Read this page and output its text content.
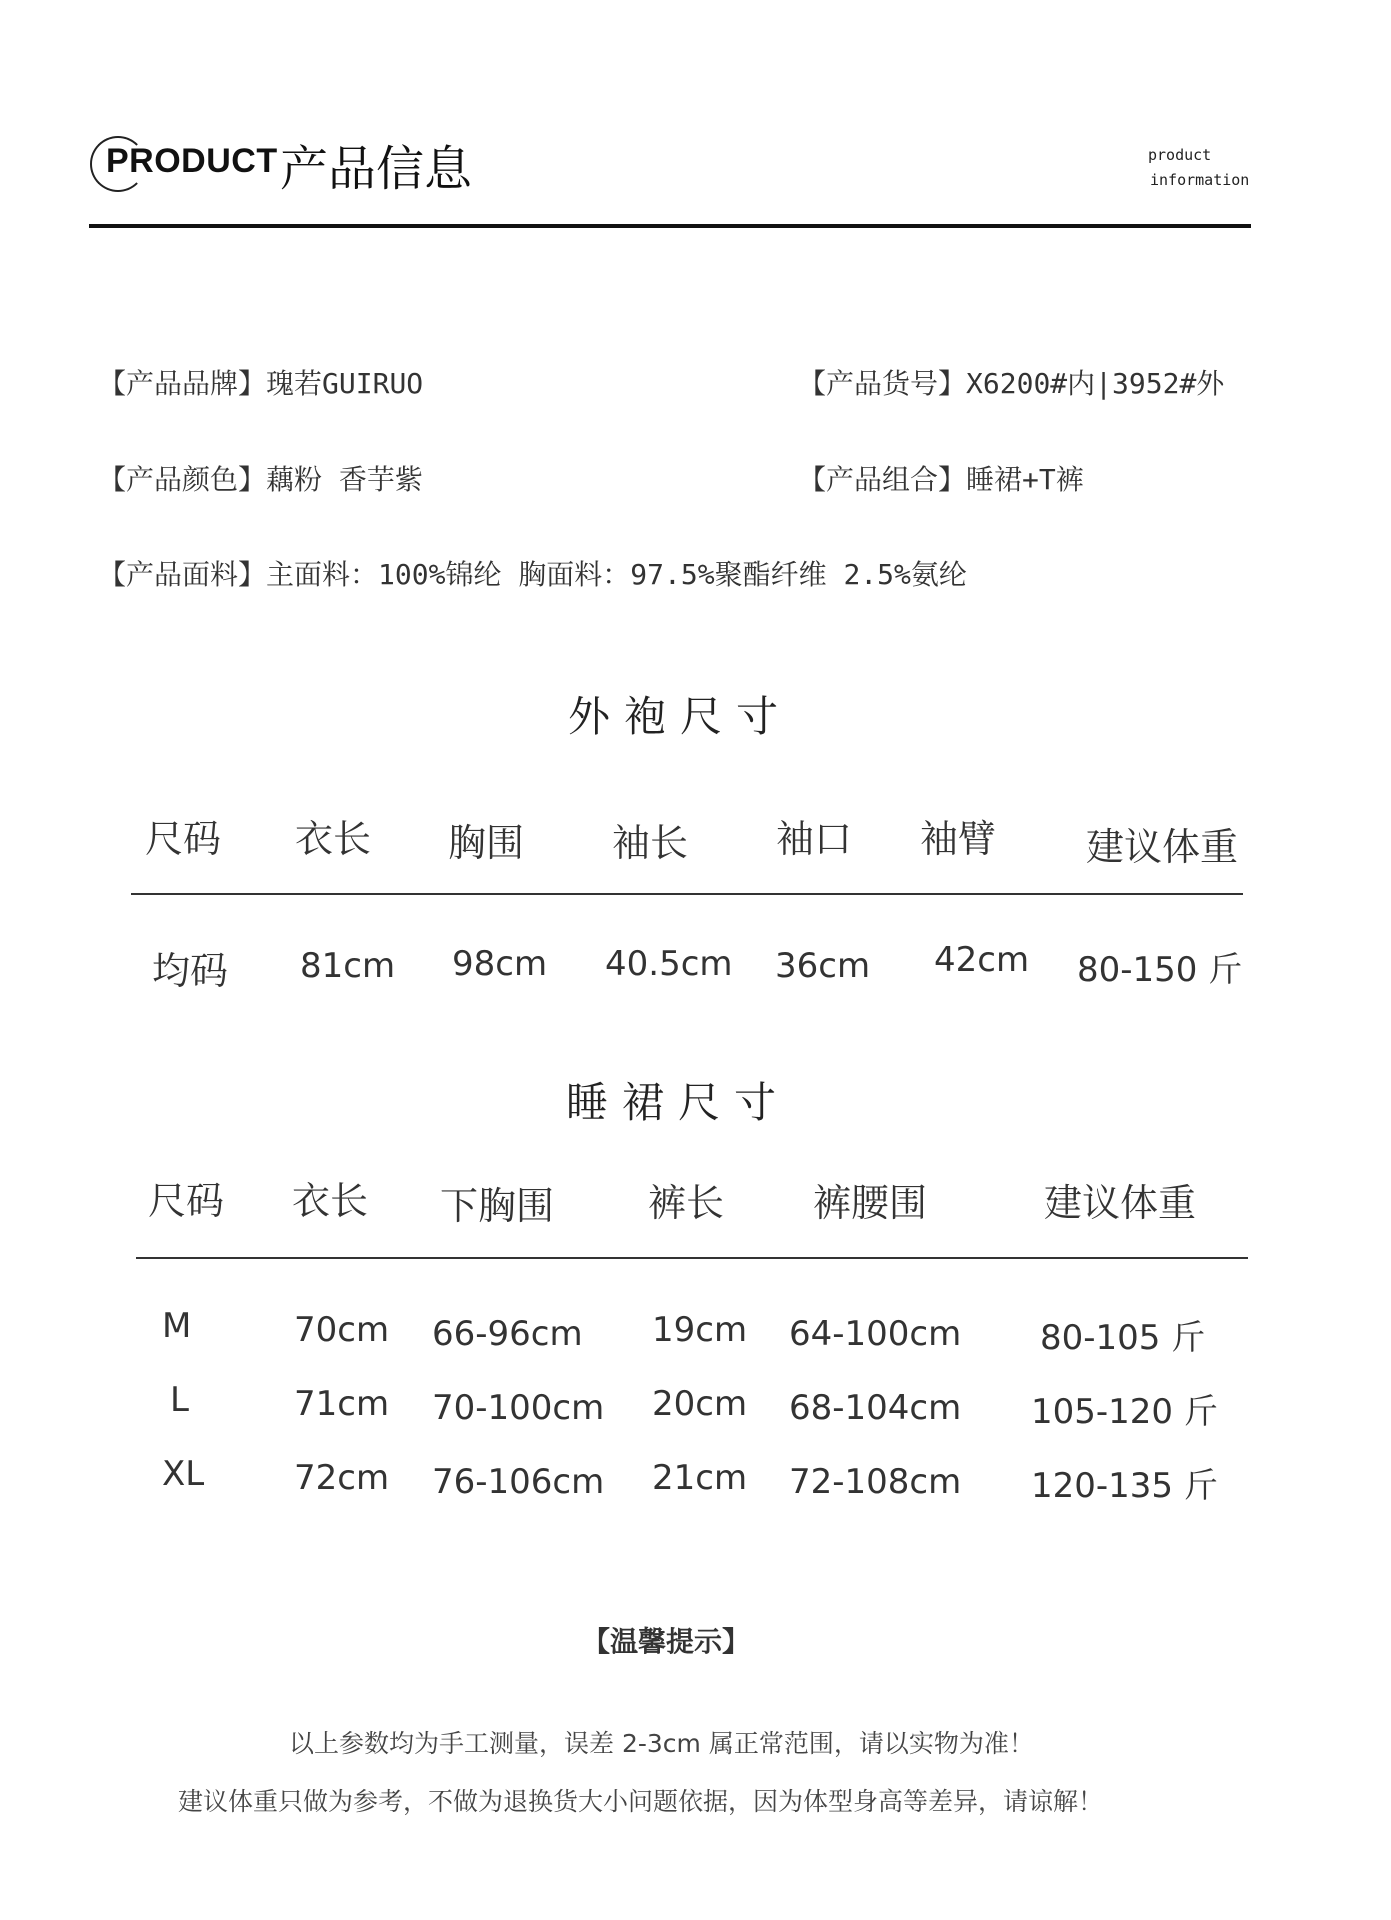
PRODUCT 产品信息	product
information
【产品品牌】瑰若GUIRUO	【产品货号】X6200#内|3952#外
【产品颜色】藕粉 香芋紫	【产品组合】睡裙+T裤
【产品面料】主面料：100%锦纶 胸面料：97.5%聚酯纤维 2.5%氨纶
外袍尺寸
尺码 衣长 胸围 袖长 袖口 袖臂 建议体重
均码 81cm 98cm 40.5cm 36cm 42cm 80-150 斤
睡裙尺寸
尺码 衣长 下胸围 裤长 裤腰围	建议体重
M	70cm 66-96cm 19cm 64-100cm 80-105 斤
L	71cm 70-100cm 20cm 68-104cm 105-120 斤
XL	72cm 76-106cm 21cm 72-108cm 120-135 斤
【温馨提示】
以上参数均为手工测量，误差 2-3cm 属正常范围，请以实物为准！
建议体重只做为参考，不做为退换货大小问题依据，因为体型身高等差异，请谅解！
